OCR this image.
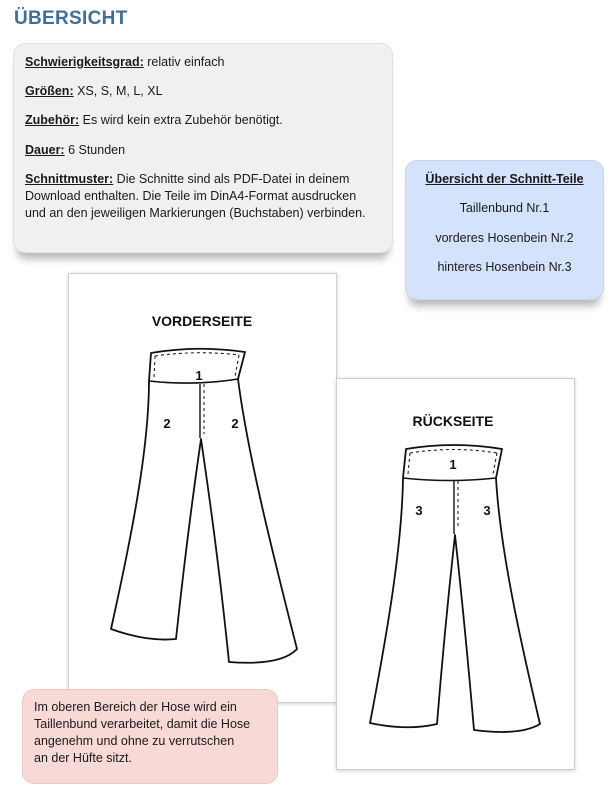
ÜBERSICHT

Schwierigkeitsgrad: relativ einfach

Größen: XS, S, M, L, XL

Zubehör: Es wird kein extra Zubehör benötigt.

Dauer: 6 Stunden

Schnittmuster: Die Schnitte sind als PDF-Datei in deinem
Download enthalten. Die Teile im DinA4-Format ausdrucken
und an den jeweiligen Markierungen (Buchstaben) verbinden.

Übersicht der Schnitt-Teile
Taillenbund Nr.1
vorderes Hosenbein Nr.2
hinteres Hosenbein Nr.3
VORDERSEITE
1
2	2	RÜCKSEITE
1
3	3

Im oberen Bereich der Hose wird ein
Taillenbund verarbeitet, damit die Hose
angenehm und ohne zu verrutschen
an der Hüfte sitzt.
